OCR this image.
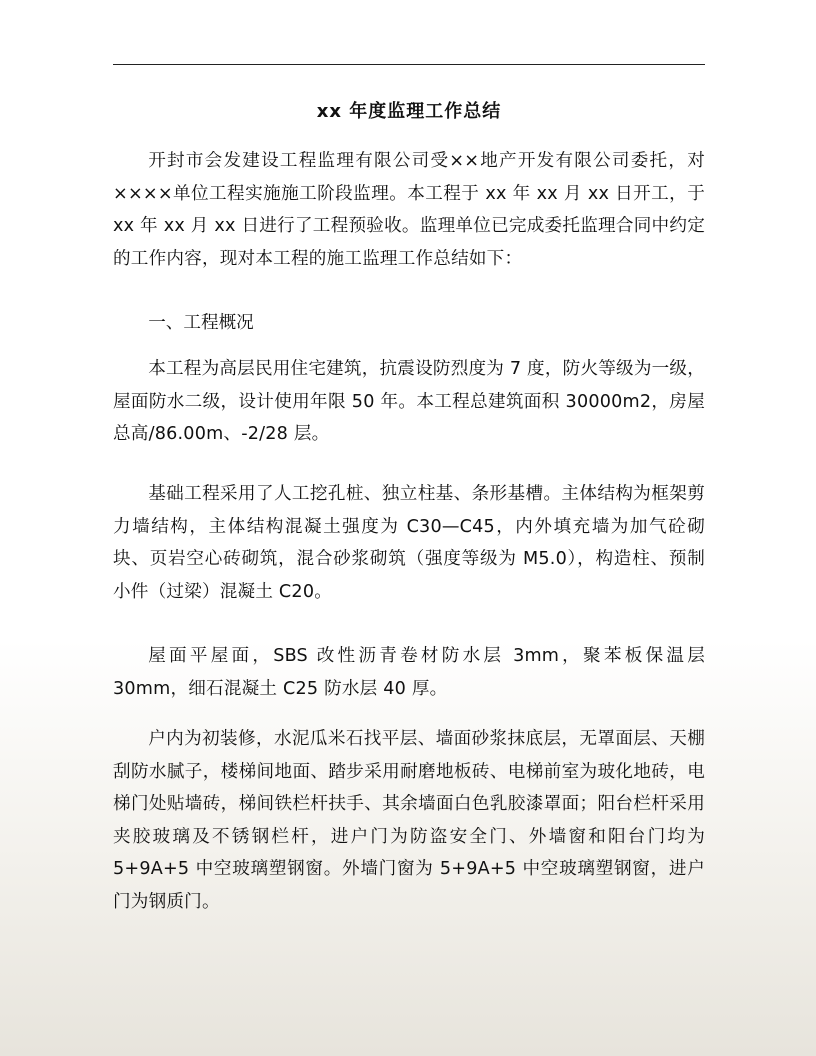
xx 年度监理工作总结

开封市会发建设工程监理有限公司受××地产开发有限公司委托，对××××单位工程实施施工阶段监理。本工程于 xx 年 xx 月 xx 日开工，于 xx 年 xx 月 xx 日进行了工程预验收。监理单位已完成委托监理合同中约定的工作内容，现对本工程的施工监理工作总结如下：

一、工程概况

本工程为高层民用住宅建筑，抗震设防烈度为 7 度，防火等级为一级，屋面防水二级，设计使用年限 50 年。本工程总建筑面积 30000m2，房屋总高/86.00m、-2/28 层。

基础工程采用了人工挖孔桩、独立柱基、条形基槽。主体结构为框架剪力墙结构，主体结构混凝土强度为 C30—C45，内外填充墙为加气砼砌块、页岩空心砖砌筑，混合砂浆砌筑（强度等级为 M5.0），构造柱、预制小件（过梁）混凝土 C20。

屋面平屋面，SBS 改性沥青卷材防水层 3mm，聚苯板保温层 30mm，细石混凝土 C25 防水层 40 厚。

户内为初装修，水泥瓜米石找平层、墙面砂浆抹底层，无罩面层、天棚刮防水腻子，楼梯间地面、踏步采用耐磨地板砖、电梯前室为玻化地砖，电梯门处贴墙砖，梯间铁栏杆扶手、其余墙面白色乳胶漆罩面；阳台栏杆采用夹胶玻璃及不锈钢栏杆，进户门为防盗安全门、外墙窗和阳台门均为 5+9A+5 中空玻璃塑钢窗。外墙门窗为 5+9A+5 中空玻璃塑钢窗，进户门为钢质门。
